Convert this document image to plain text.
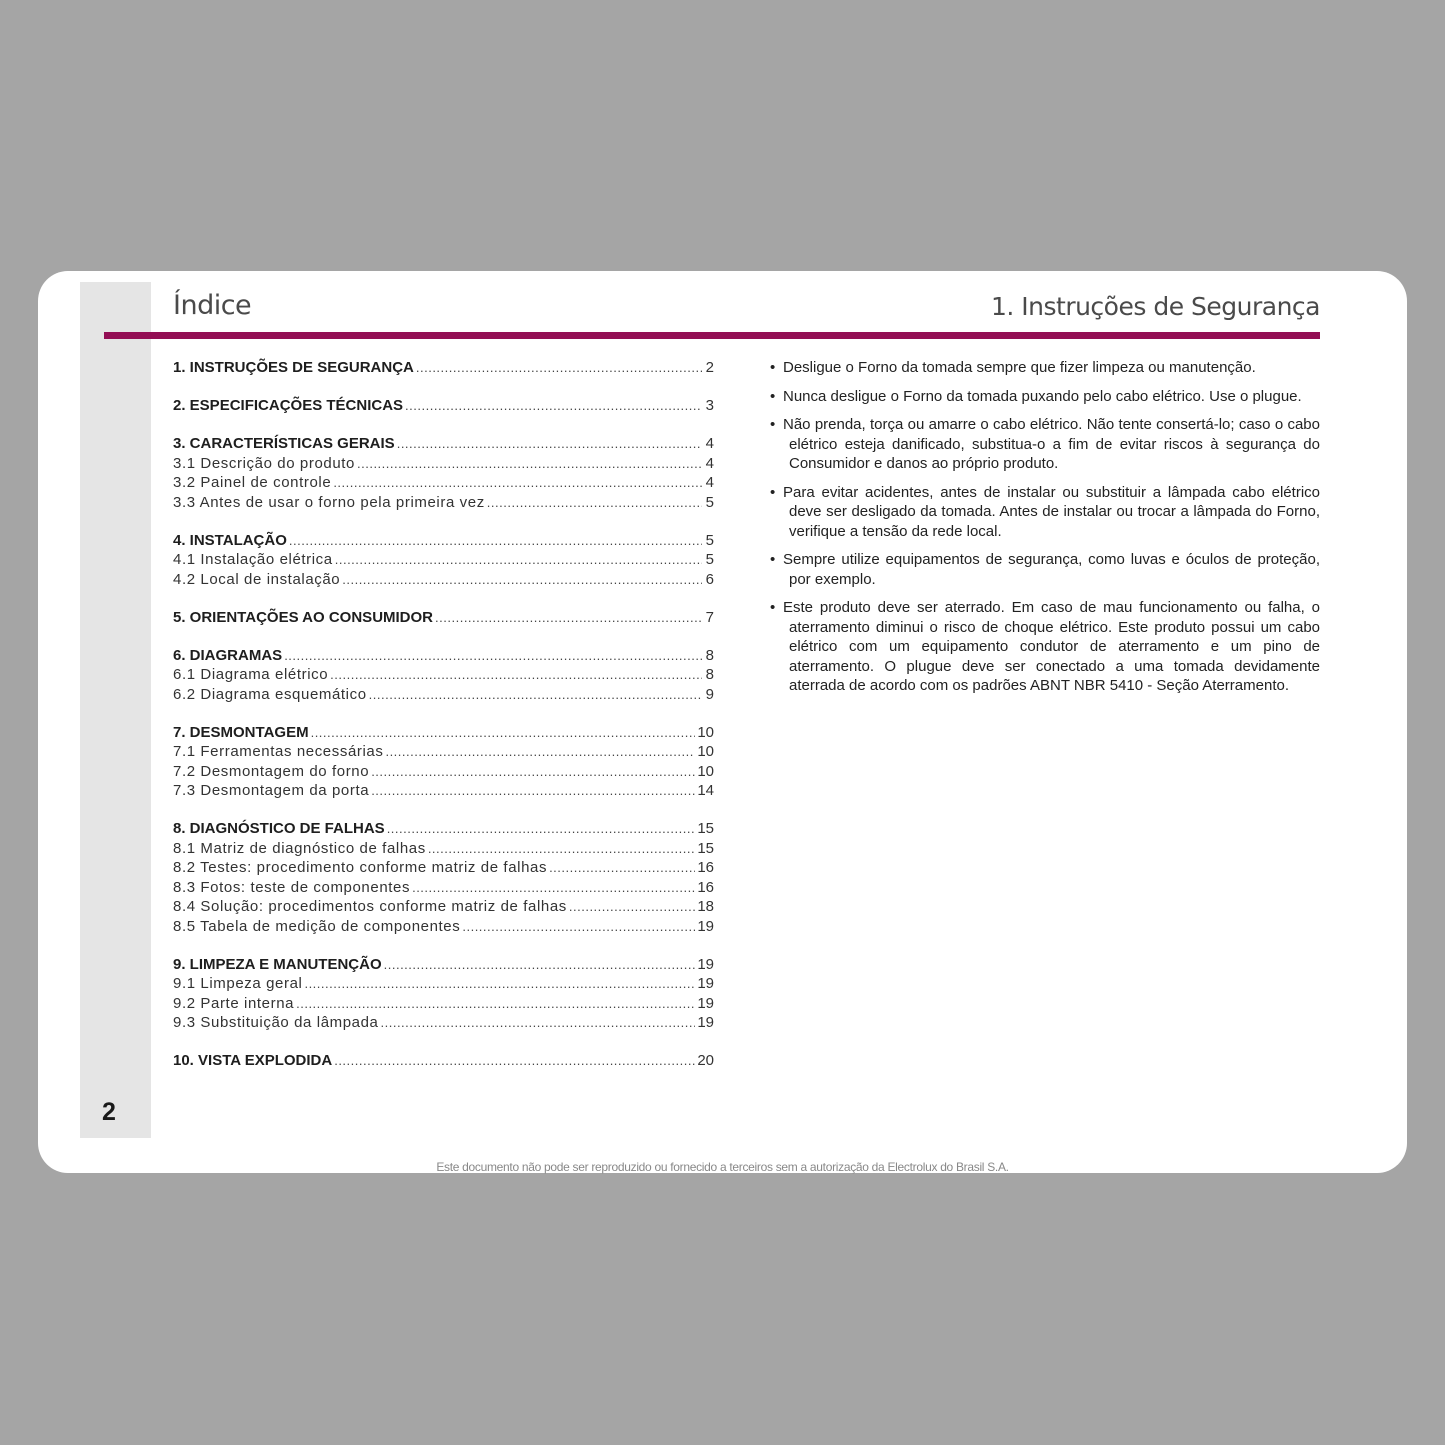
Índice	1. Instruções de Segurança
1. INSTRUÇÕES DE SEGURANÇA .....	2
2. ESPECIFICAÇÕES TÉCNICAS .....	3
3. CARACTERÍSTICAS GERAIS .....	4
3.1 Descrição do produto .....	4
3.2 Painel de controle .....	4
3.3 Antes de usar o forno pela primeira vez .....	5
4. INSTALAÇÃO .....	5
4.1 Instalação elétrica .....	5
4.2 Local de instalação .....	6
5. ORIENTAÇÕES AO CONSUMIDOR .....	7
6. DIAGRAMAS .....	8
6.1 Diagrama elétrico .....	8
6.2 Diagrama esquemático .....	9
7. DESMONTAGEM .....	10
7.1 Ferramentas necessárias .....	10
7.2 Desmontagem do forno .....	10
7.3 Desmontagem da porta .....	14
8. DIAGNÓSTICO DE FALHAS .....	15
8.1 Matriz de diagnóstico de falhas .....	15
8.2 Testes: procedimento conforme matriz de falhas .....	16
8.3 Fotos: teste de componentes .....	16
8.4 Solução: procedimentos conforme matriz de falhas .....	18
8.5 Tabela de medição de componentes .....	19
9. LIMPEZA E MANUTENÇÃO .....	19
9.1 Limpeza geral .....	19
9.2 Parte interna .....	19
9.3 Substituição da lâmpada .....	19
10. VISTA EXPLODIDA .....	20
• Desligue o Forno da tomada sempre que fizer limpeza ou manutenção.
• Nunca desligue o Forno da tomada puxando pelo cabo elétrico. Use o plugue.
• Não prenda, torça ou amarre o cabo elétrico. Não tente consertá-lo; caso o cabo elétrico esteja danificado, substitua-o a fim de evitar riscos à segurança do Consumidor e danos ao próprio produto.
• Para evitar acidentes, antes de instalar ou substituir a lâmpada cabo elétrico deve ser desligado da tomada. Antes de instalar ou trocar a lâmpada do Forno, verifique a tensão da rede local.
• Sempre utilize equipamentos de segurança, como luvas e óculos de proteção, por exemplo.
• Este produto deve ser aterrado. Em caso de mau funcionamento ou falha, o aterramento diminui o risco de choque elétrico. Este produto possui um cabo elétrico com um equipamento condutor de aterramento e um pino de aterramento. O plugue deve ser conectado a uma tomada devidamente aterrada de acordo com os padrões ABNT NBR 5410 - Seção Aterramento.
2
Este documento não pode ser reproduzido ou fornecido a terceiros sem a autorização da Electrolux do Brasil S.A.
